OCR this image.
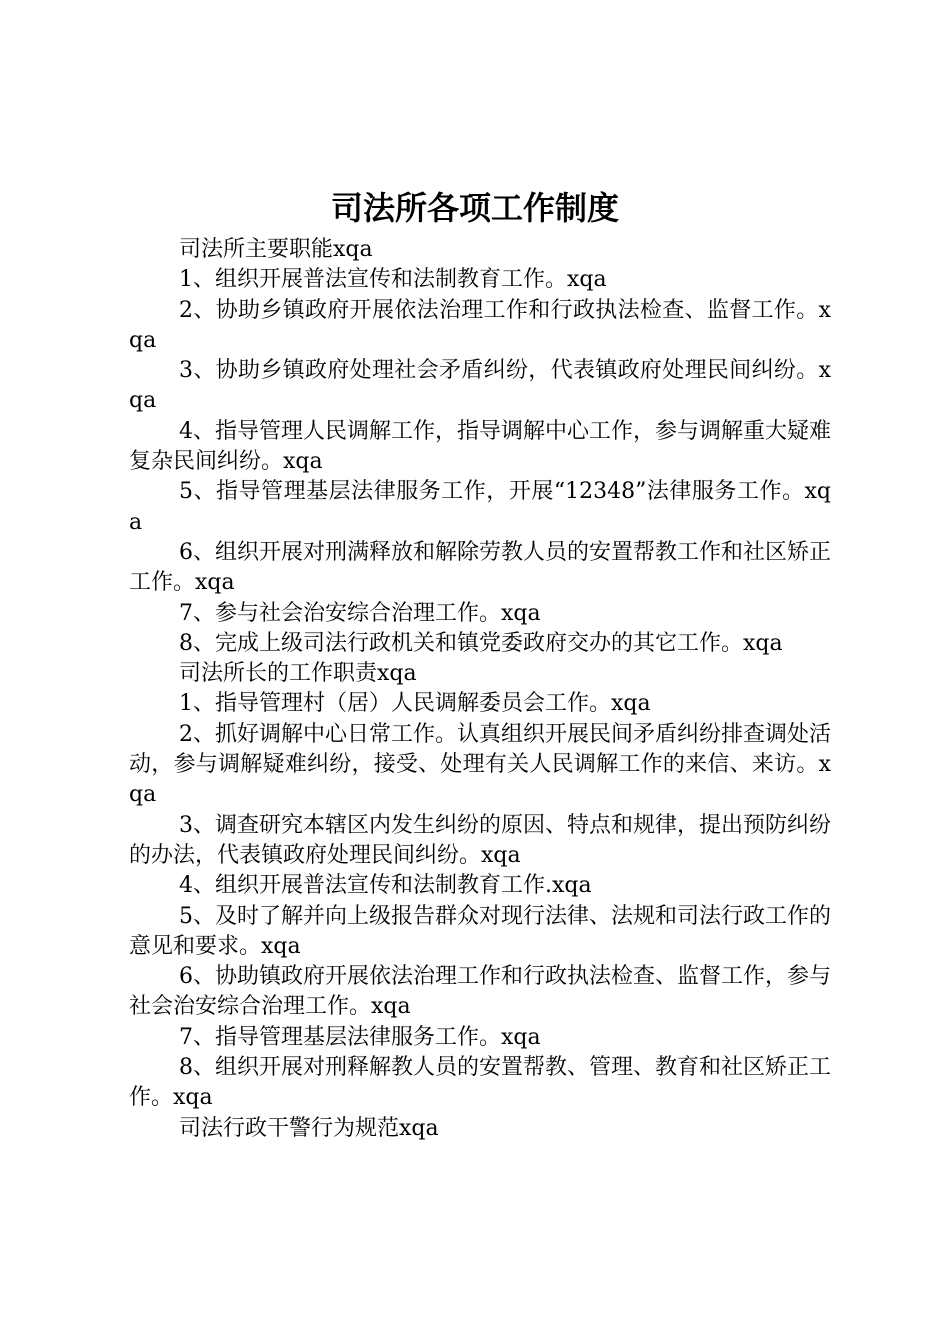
司法所各项工作制度

司法所主要职能xqa

1、组织开展普法宣传和法制教育工作。xqa

2、协助乡镇政府开展依法治理工作和行政执法检查、监督工作。xqa

3、协助乡镇政府处理社会矛盾纠纷，代表镇政府处理民间纠纷。xqa

4、指导管理人民调解工作，指导调解中心工作，参与调解重大疑难复杂民间纠纷。xqa

5、指导管理基层法律服务工作，开展“12348”法律服务工作。xqa

6、组织开展对刑满释放和解除劳教人员的安置帮教工作和社区矫正工作。xqa

7、参与社会治安综合治理工作。xqa

8、完成上级司法行政机关和镇党委政府交办的其它工作。xqa

司法所长的工作职责xqa

1、指导管理村（居）人民调解委员会工作。xqa

2、抓好调解中心日常工作。认真组织开展民间矛盾纠纷排查调处活动，参与调解疑难纠纷，接受、处理有关人民调解工作的来信、来访。xqa

3、调查研究本辖区内发生纠纷的原因、特点和规律，提出预防纠纷的办法，代表镇政府处理民间纠纷。xqa

4、组织开展普法宣传和法制教育工作.xqa

5、及时了解并向上级报告群众对现行法律、法规和司法行政工作的意见和要求。xqa

6、协助镇政府开展依法治理工作和行政执法检查、监督工作，参与社会治安综合治理工作。xqa

7、指导管理基层法律服务工作。xqa

8、组织开展对刑释解教人员的安置帮教、管理、教育和社区矫正工作。xqa

司法行政干警行为规范xqa
